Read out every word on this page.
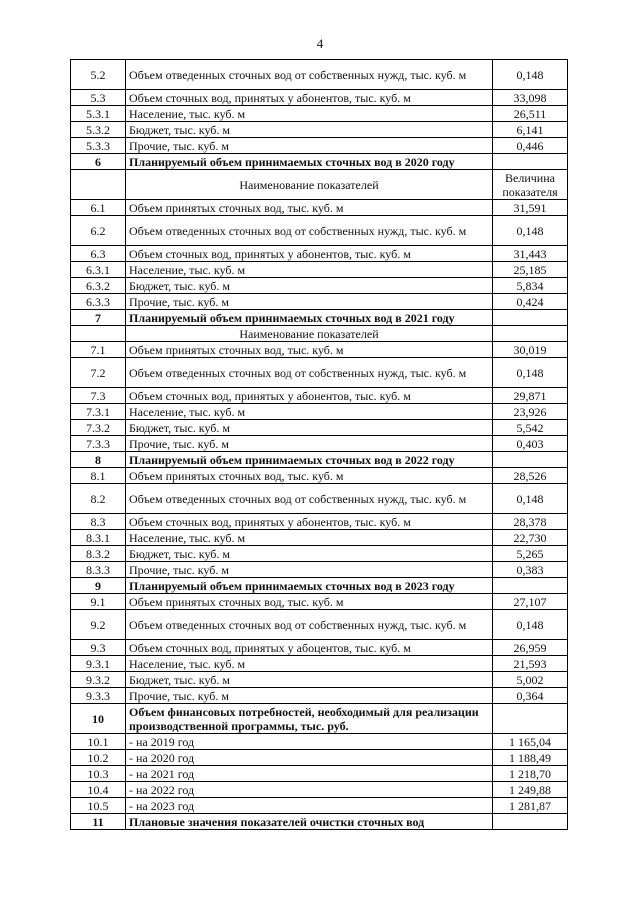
4
5.2	Объем отведенных сточных вод от собственных нужд, тыс. куб. м	0,148
5.3	Объем сточных вод, принятых у абонентов, тыс. куб. м	33,098
5.3.1	Население, тыс. куб. м	26,511
5.3.2	Бюджет, тыс. куб. м	6,141
5.3.3	Прочие, тыс. куб. м	0,446
6	Планируемый объем принимаемых сточных вод в 2020 году	
	Наименование показателей	Величина показателя
6.1	Объем принятых сточных вод, тыс. куб. м	31,591
6.2	Объем отведенных сточных вод от собственных нужд, тыс. куб. м	0,148
6.3	Объем сточных вод, принятых у абонентов, тыс. куб. м	31,443
6.3.1	Население, тыс. куб. м	25,185
6.3.2	Бюджет, тыс. куб. м	5,834
6.3.3	Прочие, тыс. куб. м	0,424
7	Планируемый объем принимаемых сточных вод в 2021 году	
	Наименование показателей	
7.1	Объем принятых сточных вод, тыс. куб. м	30,019
7.2	Объем отведенных сточных вод от собственных нужд, тыс. куб. м	0,148
7.3	Объем сточных вод, принятых у абонентов, тыс. куб. м	29,871
7.3.1	Население, тыс. куб. м	23,926
7.3.2	Бюджет, тыс. куб. м	5,542
7.3.3	Прочие, тыс. куб. м	0,403
8	Планируемый объем принимаемых сточных вод в 2022 году	
8.1	Объем принятых сточных вод, тыс. куб. м	28,526
8.2	Объем отведенных сточных вод от собственных нужд, тыс. куб. м	0,148
8.3	Объем сточных вод, принятых у абонентов, тыс. куб. м	28,378
8.3.1	Население, тыс. куб. м	22,730
8.3.2	Бюджет, тыс. куб. м	5,265
8.3.3	Прочие, тыс. куб. м	0,383
9	Планируемый объем принимаемых сточных вод в 2023 году	
9.1	Объем принятых сточных вод, тыс. куб. м	27,107
9.2	Объем отведенных сточных вод от собственных нужд, тыс. куб. м	0,148
9.3	Объем сточных вод, принятых у абоцентов, тыс. куб. м	26,959
9.3.1	Население, тыс. куб. м	21,593
9.3.2	Бюджет, тыс. куб. м	5,002
9.3.3	Прочие, тыс. куб. м	0,364
10	Объем финансовых потребностей, необходимый для реализации производственной программы, тыс. руб.	
10.1	- на 2019 год	1 165,04
10.2	- на 2020 год	1 188,49
10.3	- на 2021 год	1 218,70
10.4	- на 2022 год	1 249,88
10.5	- на 2023 год	1 281,87
11	Плановые значения показателей очистки сточных вод	
